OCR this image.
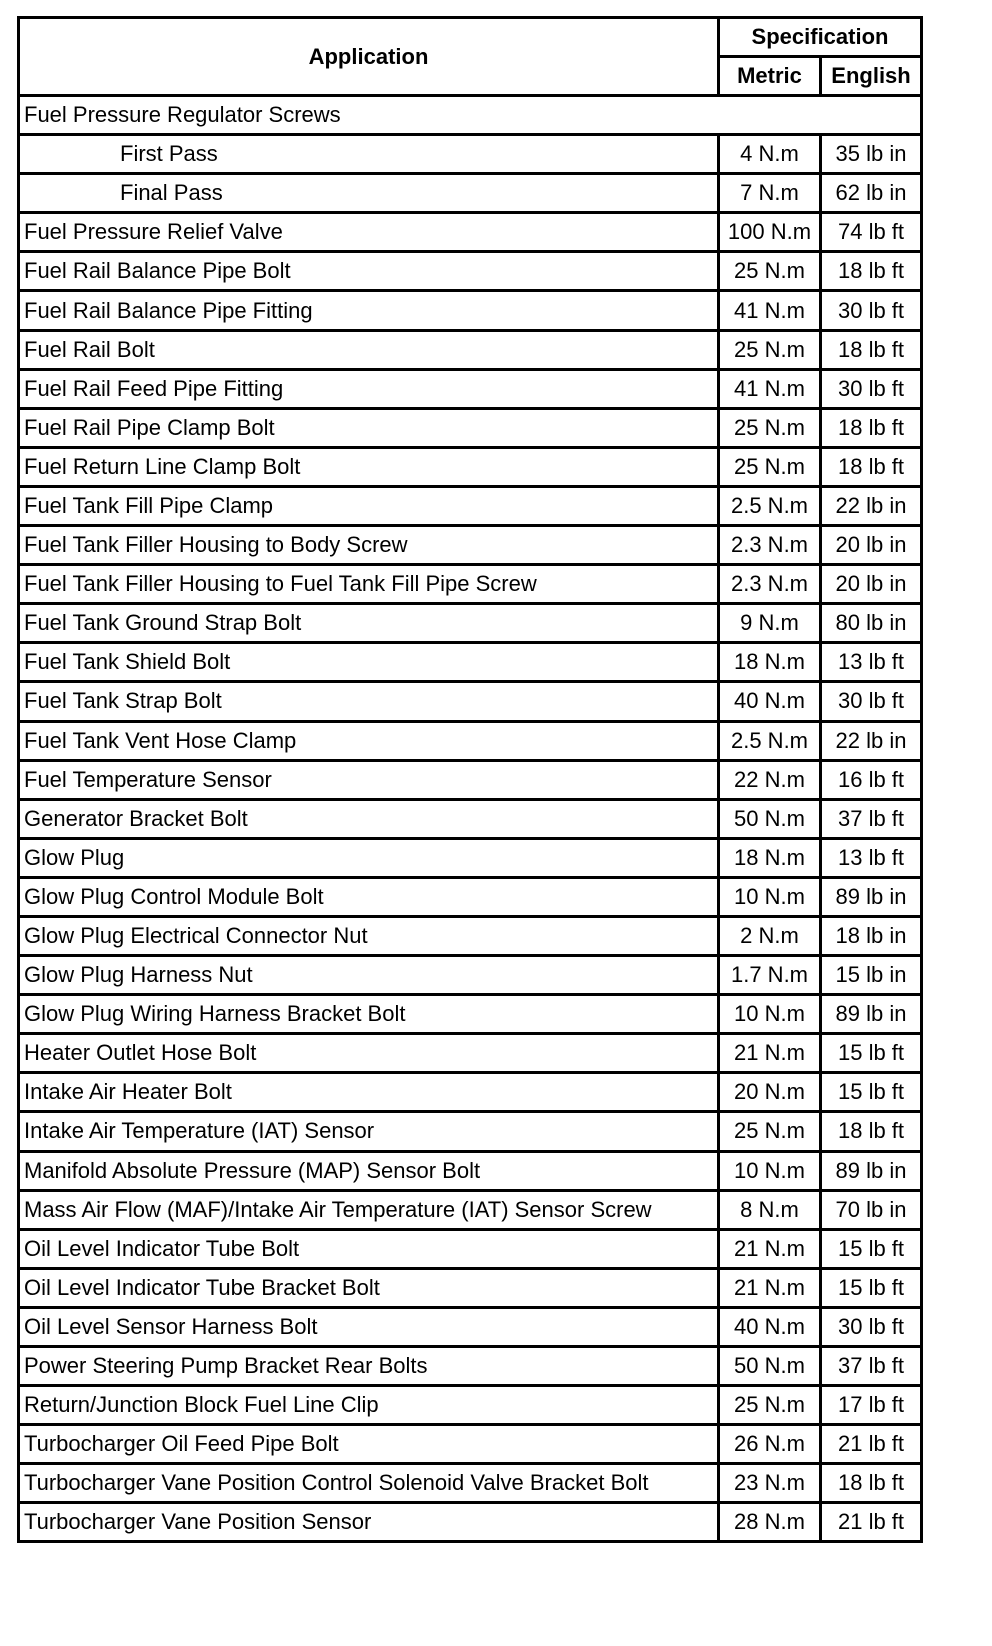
Application	Specification	
	Metric	English
Fuel Pressure Regulator Screws		
First Pass	4 N.m	35 lb in
Final Pass	7 N.m	62 lb in
Fuel Pressure Relief Valve	100 N.m	74 lb ft
Fuel Rail Balance Pipe Bolt	25 N.m	18 lb ft
Fuel Rail Balance Pipe Fitting	41 N.m	30 lb ft
Fuel Rail Bolt	25 N.m	18 lb ft
Fuel Rail Feed Pipe Fitting	41 N.m	30 lb ft
Fuel Rail Pipe Clamp Bolt	25 N.m	18 lb ft
Fuel Return Line Clamp Bolt	25 N.m	18 lb ft
Fuel Tank Fill Pipe Clamp	2.5 N.m	22 lb in
Fuel Tank Filler Housing to Body Screw	2.3 N.m	20 lb in
Fuel Tank Filler Housing to Fuel Tank Fill Pipe Screw	2.3 N.m	20 lb in
Fuel Tank Ground Strap Bolt	9 N.m	80 lb in
Fuel Tank Shield Bolt	18 N.m	13 lb ft
Fuel Tank Strap Bolt	40 N.m	30 lb ft
Fuel Tank Vent Hose Clamp	2.5 N.m	22 lb in
Fuel Temperature Sensor	22 N.m	16 lb ft
Generator Bracket Bolt	50 N.m	37 lb ft
Glow Plug	18 N.m	13 lb ft
Glow Plug Control Module Bolt	10 N.m	89 lb in
Glow Plug Electrical Connector Nut	2 N.m	18 lb in
Glow Plug Harness Nut	1.7 N.m	15 lb in
Glow Plug Wiring Harness Bracket Bolt	10 N.m	89 lb in
Heater Outlet Hose Bolt	21 N.m	15 lb ft
Intake Air Heater Bolt	20 N.m	15 lb ft
Intake Air Temperature (IAT) Sensor	25 N.m	18 lb ft
Manifold Absolute Pressure (MAP) Sensor Bolt	10 N.m	89 lb in
Mass Air Flow (MAF)/Intake Air Temperature (IAT) Sensor Screw	8 N.m	70 lb in
Oil Level Indicator Tube Bolt	21 N.m	15 lb ft
Oil Level Indicator Tube Bracket Bolt	21 N.m	15 lb ft
Oil Level Sensor Harness Bolt	40 N.m	30 lb ft
Power Steering Pump Bracket Rear Bolts	50 N.m	37 lb ft
Return/Junction Block Fuel Line Clip	25 N.m	17 lb ft
Turbocharger Oil Feed Pipe Bolt	26 N.m	21 lb ft
Turbocharger Vane Position Control Solenoid Valve Bracket Bolt	23 N.m	18 lb ft
Turbocharger Vane Position Sensor	28 N.m	21 lb ft
